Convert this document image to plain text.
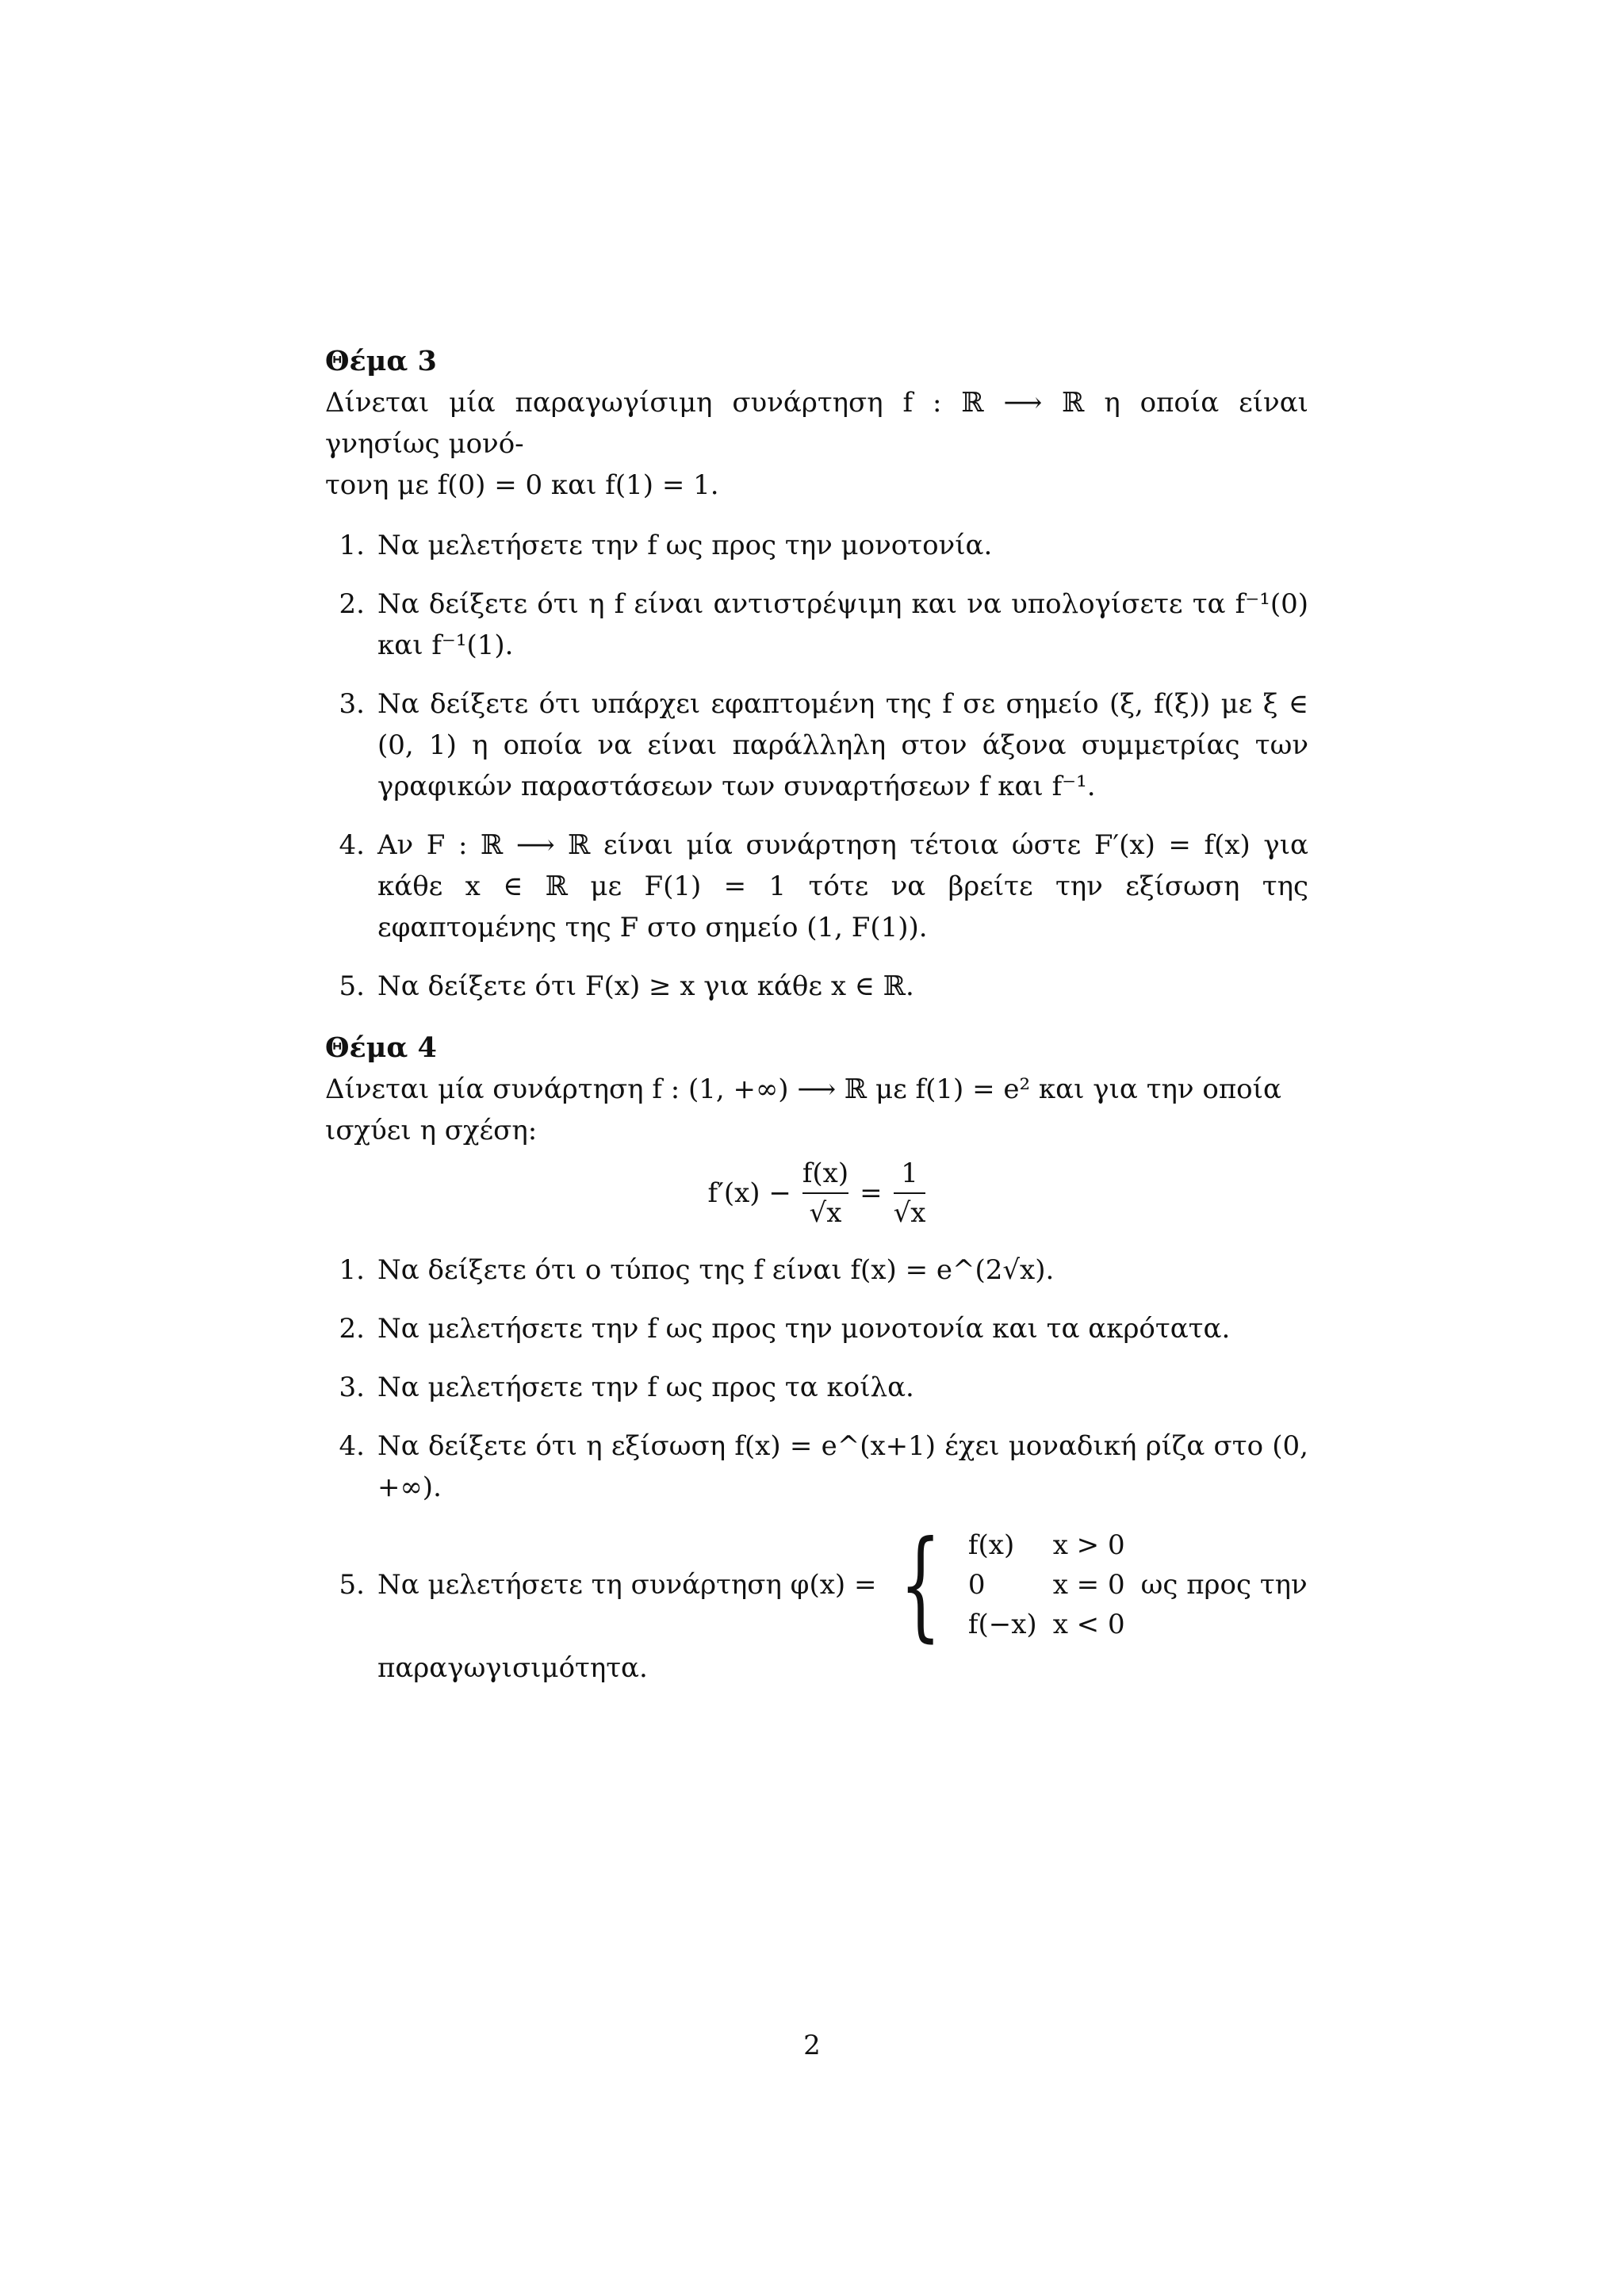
Θέμα 3

Δίνεται μία παραγωγίσιμη συνάρτηση f : ℝ ⟶ ℝ η οποία είναι γνησίως μονό-
τονη με f(0) = 0 και f(1) = 1.

1. Να μελετήσετε την f ως προς την μονοτονία.
2. Να δείξετε ότι η f είναι αντιστρέψιμη και να υπολογίσετε τα f⁻¹(0) και f⁻¹(1).
3. Να δείξετε ότι υπάρχει εφαπτομένη της f σε σημείο (ξ, f(ξ)) με ξ ∈ (0, 1) η οποία να είναι παράλληλη στον άξονα συμμετρίας των γραφικών παραστάσεων των συναρτήσεων f και f⁻¹.
4. Αν F : ℝ ⟶ ℝ είναι μία συνάρτηση τέτοια ώστε F′(x) = f(x) για κάθε x ∈ ℝ με F(1) = 1 τότε να βρείτε την εξίσωση της εφαπτομένης της F στο σημείο (1, F(1)).
5. Να δείξετε ότι F(x) ≥ x για κάθε x ∈ ℝ.
Θέμα 4

Δίνεται μία συνάρτηση f : (1, +∞) ⟶ ℝ με f(1) = e² και για την οποία
ισχύει η σχέση:

$f'(x) - \frac{f(x)}{√x} = \frac{1}{√x}$
1. Να δείξετε ότι ο τύπος της f είναι f(x) = e^(2√x).
2. Να μελετήσετε την f ως προς την μονοτονία και τα ακρότατα.
3. Να μελετήσετε την f ως προς τα κοίλα.
4. Να δείξετε ότι η εξίσωση f(x) = e^(x+1) έχει μοναδική ρίζα στο (0, +∞).
5. Να μελετήσετε τη συνάρτηση φ(x) = { f(x)	x > 0
0	x = 0
f(−x)	x < 0
ως προς την
παραγωγισιμότητα.
2
